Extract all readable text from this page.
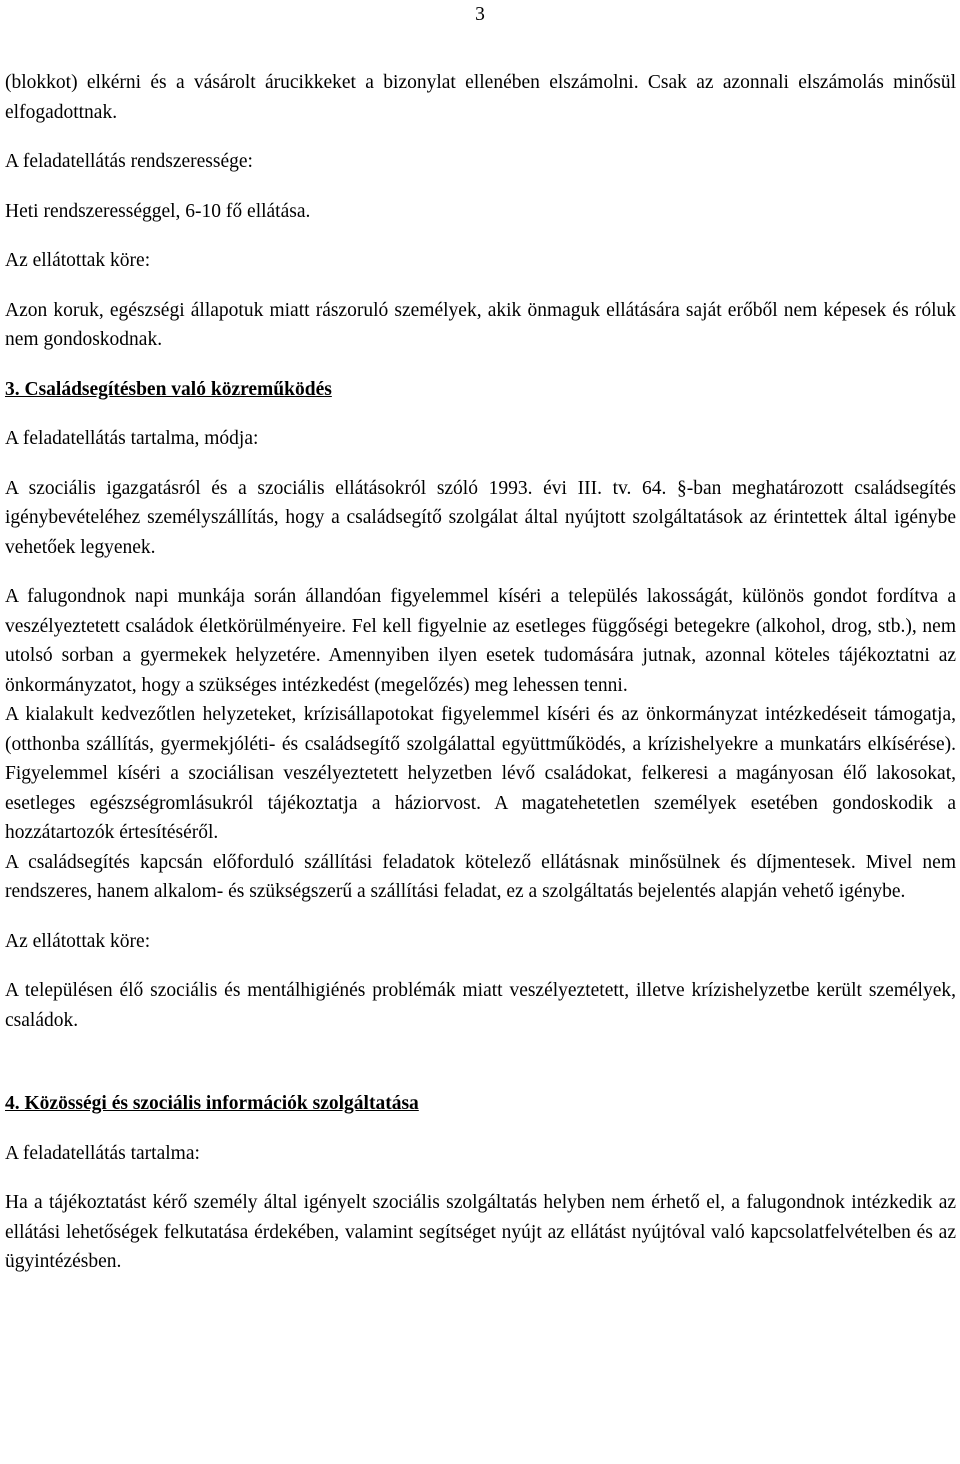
3

(blokkot) elkérni és a vásárolt árucikkeket a bizonylat ellenében elszámolni. Csak az azonnali elszámolás minősül elfogadottnak.

A feladatellátás rendszeressége:

Heti rendszerességgel, 6-10 fő ellátása.

Az ellátottak köre:

Azon koruk, egészségi állapotuk miatt rászoruló személyek, akik önmaguk ellátására saját erőből nem képesek és róluk nem gondoskodnak.

3. Családsegítésben való közreműködés

A feladatellátás tartalma, módja:

A szociális igazgatásról és a szociális ellátásokról szóló 1993. évi III. tv. 64. §-ban meghatározott családsegítés igénybevételéhez személyszállítás, hogy a családsegítő szolgálat által nyújtott szolgáltatások az érintettek által igénybe vehetőek legyenek.

A falugondnok napi munkája során állandóan figyelemmel kíséri a település lakosságát, különös gondot fordítva a veszélyeztetett családok életkörülményeire. Fel kell figyelnie az esetleges függőségi betegekre (alkohol, drog, stb.), nem utolsó sorban a gyermekek helyzetére. Amennyiben ilyen esetek tudomására jutnak, azonnal köteles tájékoztatni az önkormányzatot, hogy a szükséges intézkedést (megelőzés) meg lehessen tenni.

A kialakult kedvezőtlen helyzeteket, krízisállapotokat figyelemmel kíséri és az önkormányzat intézkedéseit támogatja, (otthonba szállítás, gyermekjóléti- és családsegítő szolgálattal együttműködés, a krízishelyekre a munkatárs elkísérése). Figyelemmel kíséri a szociálisan veszélyeztetett helyzetben lévő családokat, felkeresi a magányosan élő lakosokat, esetleges egészségromlásukról tájékoztatja a háziorvost. A magatehetetlen személyek esetében gondoskodik a hozzátartozók értesítéséről.

A családsegítés kapcsán előforduló szállítási feladatok kötelező ellátásnak minősülnek és díjmentesek. Mivel nem rendszeres, hanem alkalom- és szükségszerű a szállítási feladat, ez a szolgáltatás bejelentés alapján vehető igénybe.

Az ellátottak köre:

A településen élő szociális és mentálhigiénés problémák miatt veszélyeztetett, illetve krízishelyzetbe került személyek, családok.

4. Közösségi és szociális információk szolgáltatása

A feladatellátás tartalma:

Ha a tájékoztatást kérő személy által igényelt szociális szolgáltatás helyben nem érhető el, a falugondnok intézkedik az ellátási lehetőségek felkutatása érdekében, valamint segítséget nyújt az ellátást nyújtóval való kapcsolatfelvételben és az ügyintézésben.
